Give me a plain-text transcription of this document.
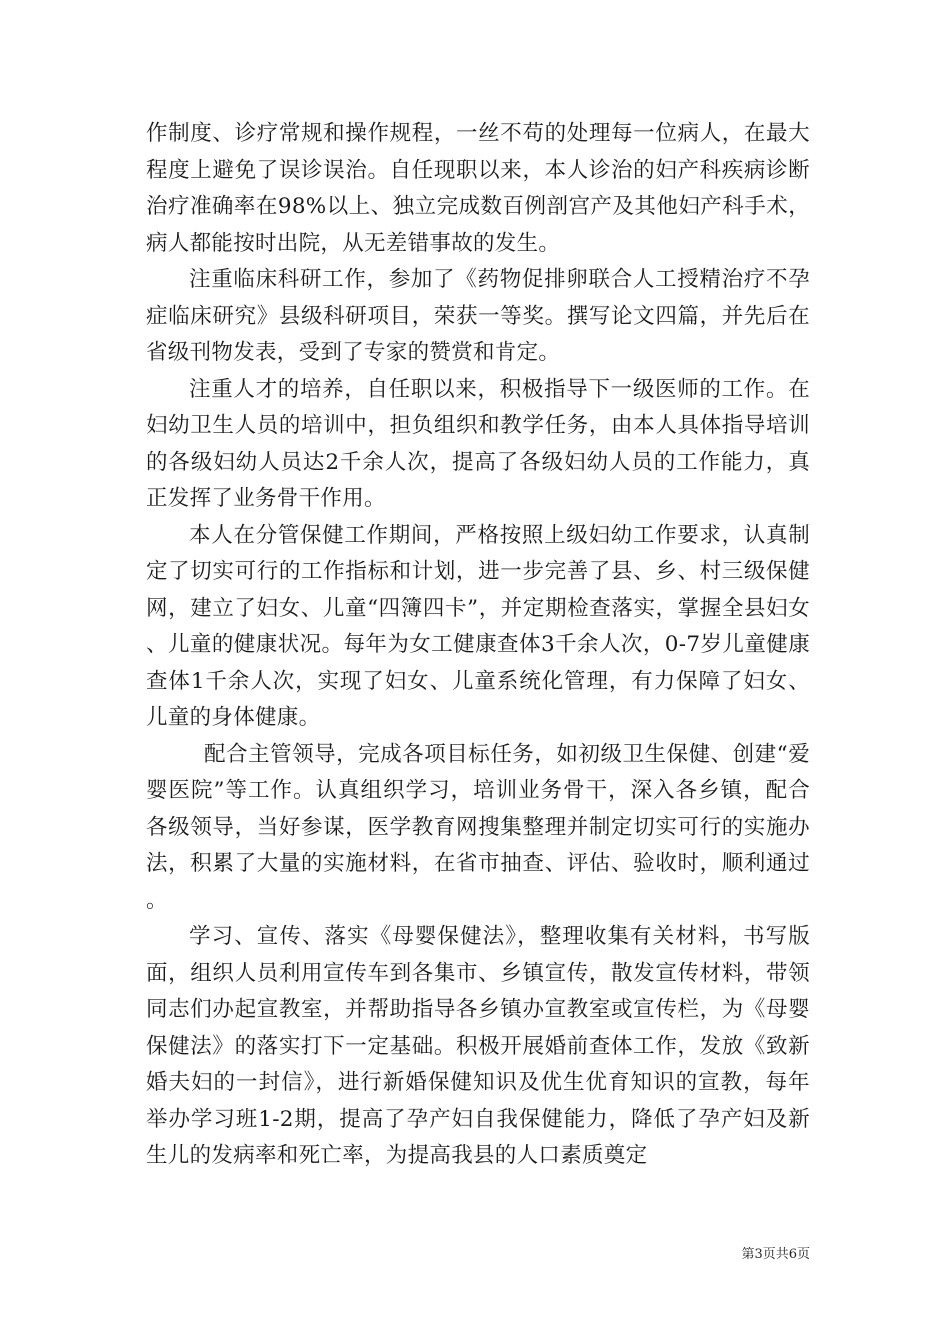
作制度、诊疗常规和操作规程，一丝不苟的处理每一位病人，在最大程度上避免了误诊误治。自任现职以来，本人诊治的妇产科疾病诊断治疗准确率在98%以上、独立完成数百例剖宫产及其他妇产科手术，病人都能按时出院，从无差错事故的发生。

注重临床科研工作，参加了《药物促排卵联合人工授精治疗不孕症临床研究》县级科研项目，荣获一等奖。撰写论文四篇，并先后在省级刊物发表，受到了专家的赞赏和肯定。

注重人才的培养，自任职以来，积极指导下一级医师的工作。在妇幼卫生人员的培训中，担负组织和教学任务，由本人具体指导培训的各级妇幼人员达2千余人次，提高了各级妇幼人员的工作能力，真正发挥了业务骨干作用。

本人在分管保健工作期间，严格按照上级妇幼工作要求，认真制定了切实可行的工作指标和计划，进一步完善了县、乡、村三级保健网，建立了妇女、儿童“四簿四卡”，并定期检查落实，掌握全县妇女、儿童的健康状况。每年为女工健康查体3千余人次，0-7岁儿童健康查体1千余人次，实现了妇女、儿童系统化管理，有力保障了妇女、儿童的身体健康。

配合主管领导，完成各项目标任务，如初级卫生保健、创建“爱婴医院”等工作。认真组织学习，培训业务骨干，深入各乡镇，配合各级领导，当好参谋，医学教育网搜集整理并制定切实可行的实施办法，积累了大量的实施材料，在省市抽查、评估、验收时，顺利通过。

学习、宣传、落实《母婴保健法》，整理收集有关材料，书写版面，组织人员利用宣传车到各集市、乡镇宣传，散发宣传材料，带领同志们办起宣教室，并帮助指导各乡镇办宣教室或宣传栏，为《母婴保健法》的落实打下一定基础。积极开展婚前查体工作，发放《致新婚夫妇的一封信》，进行新婚保健知识及优生优育知识的宣教，每年举办学习班1-2期，提高了孕产妇自我保健能力，降低了孕产妇及新生儿的发病率和死亡率，为提高我县的人口素质奠定

第3页共6页
